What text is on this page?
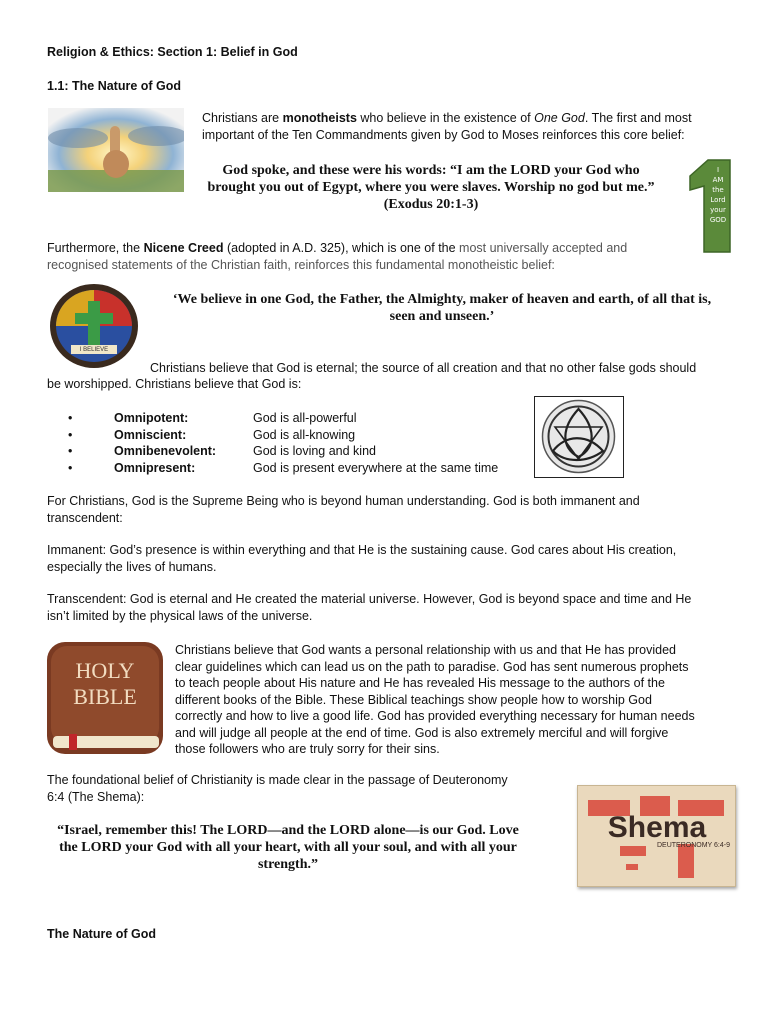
Religion & Ethics: Section 1: Belief in God
1.1: The Nature of God
Christians are monotheists who believe in the existence of One God. The first and most
important of the Ten Commandments given by God to Moses reinforces this core belief:
God spoke, and these were his words: “I am the LORD your God who brought you out of Egypt, where you were slaves. Worship no god but me.” (Exodus 20:1-3)
I
AM
the
Lord
your
GOD
Furthermore, the Nicene Creed (adopted in A.D. 325), which is one of the most universally accepted and
recognised statements of the Christian faith, reinforces this fundamental monotheistic belief:
I BELIEVE
‘We believe in one God, the Father, the Almighty, maker of heaven and earth, of all that is, seen and unseen.’
Christians believe that God is eternal; the source of all creation and that no other false gods should
be worshipped. Christians believe that God is:
•	Omnipotent:	God is all-powerful
•	Omniscient:	God is all-knowing
•	Omnibenevolent:	God is loving and kind
•	Omnipresent:	God is present everywhere at the same time
For Christians, God is the Supreme Being who is beyond human understanding. God is both immanent and
transcendent:
Immanent: God’s presence is within everything and that He is the sustaining cause. God cares about His creation,
especially the lives of humans.
Transcendent: God is eternal and He created the material universe. However, God is beyond space and time and He
isn’t limited by the physical laws of the universe.
HOLY
BIBLE
Christians believe that God wants a personal relationship with us and that He has provided
clear guidelines which can lead us on the path to paradise. God has sent numerous prophets
to teach people about His nature and He has revealed His message to the authors of the
different books of the Bible. These Biblical teachings show people how to worship God
correctly and how to live a good life. God has provided everything necessary for human needs
and will judge all people at the end of time. God is also extremely merciful and will forgive
those followers who are truly sorry for their sins.
The foundational belief of Christianity is made clear in the passage of Deuteronomy
6:4 (The Shema):
Shema
DEUTERONOMY 6:4-9
“Israel, remember this! The LORD—and the LORD alone—is our God. Love the LORD your God with all your heart, with all your soul, and with all your strength.”
The Nature of God
